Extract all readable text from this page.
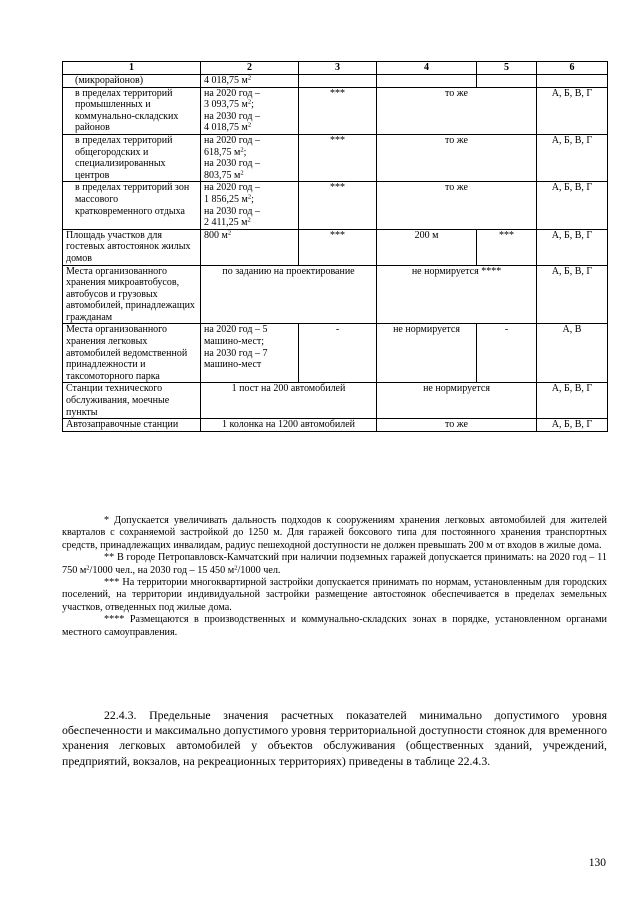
1	2	3	4	5	6
(микрорайонов)	4 018,75 $м^2$				
в пределах территорий промышленных и коммунально-складских районов	на 2020 год –
3 093,75 $м^2$;
на 2030 год –
4 018,75 $м^2$	***	то же		А, Б, В, Г
в пределах территорий общегородских и специализированных центров	на 2020 год –
618,75 $м^2$;
на 2030 год –
803,75 $м^2$	***	то же		А, Б, В, Г
в пределах территорий зон массового кратковременного отдыха	на 2020 год –
1 856,25 $м^2$;
на 2030 год –
2 411,25 $м^2$	***	то же		А, Б, В, Г
Площадь участков для гостевых автостоянок жилых домов	800 $м^2$	***	200 м	***	А, Б, В, Г
Места организованного хранения микроавтобусов, автобусов и грузовых автомобилей, принадлежащих гражданам	по заданию на проектирование		не нормируется ****		А, Б, В, Г
Места организованного хранения легковых автомобилей ведомственной принадлежности и таксомоторного парка	на 2020 год – 5 машино-мест;
на 2030 год – 7 машино-мест	-	не нормируется	-	А, В
Станции технического обслуживания, моечные пункты	1 пост на 200 автомобилей		не нормируется		А, Б, В, Г
Автозаправочные станции	1 колонка на 1200 автомобилей		то же		А, Б, В, Г

* Допускается увеличивать дальность подходов к сооружениям хранения легковых автомобилей для жителей кварталов с сохраняемой застройкой до 1250 м. Для гаражей боксового типа для постоянного хранения транспортных средств, принадлежащих инвалидам, радиус пешеходной доступности не должен превышать 200 м от входов в жилые дома.

** В городе Петропавловск-Камчатский при наличии подземных гаражей допускается принимать: на 2020 год – 11 750 $м^2/1000$ чел., на 2030 год – 15 450 $м^2/1000$ чел.

*** На территории многоквартирной застройки допускается принимать по нормам, установленным для городских поселений, на территории индивидуальной застройки размещение автостоянок обеспечивается в пределах земельных участков, отведенных под жилые дома.

**** Размещаются в производственных и коммунально-складских зонах в порядке, установленном органами местного самоуправления.

22.4.3. Предельные значения расчетных показателей минимально допустимого уровня обеспеченности и максимально допустимого уровня территориальной доступности стоянок для временного хранения легковых автомобилей у объектов обслуживания (общественных зданий, учреждений, предприятий, вокзалов, на рекреационных территориях) приведены в таблице 22.4.3.

130
